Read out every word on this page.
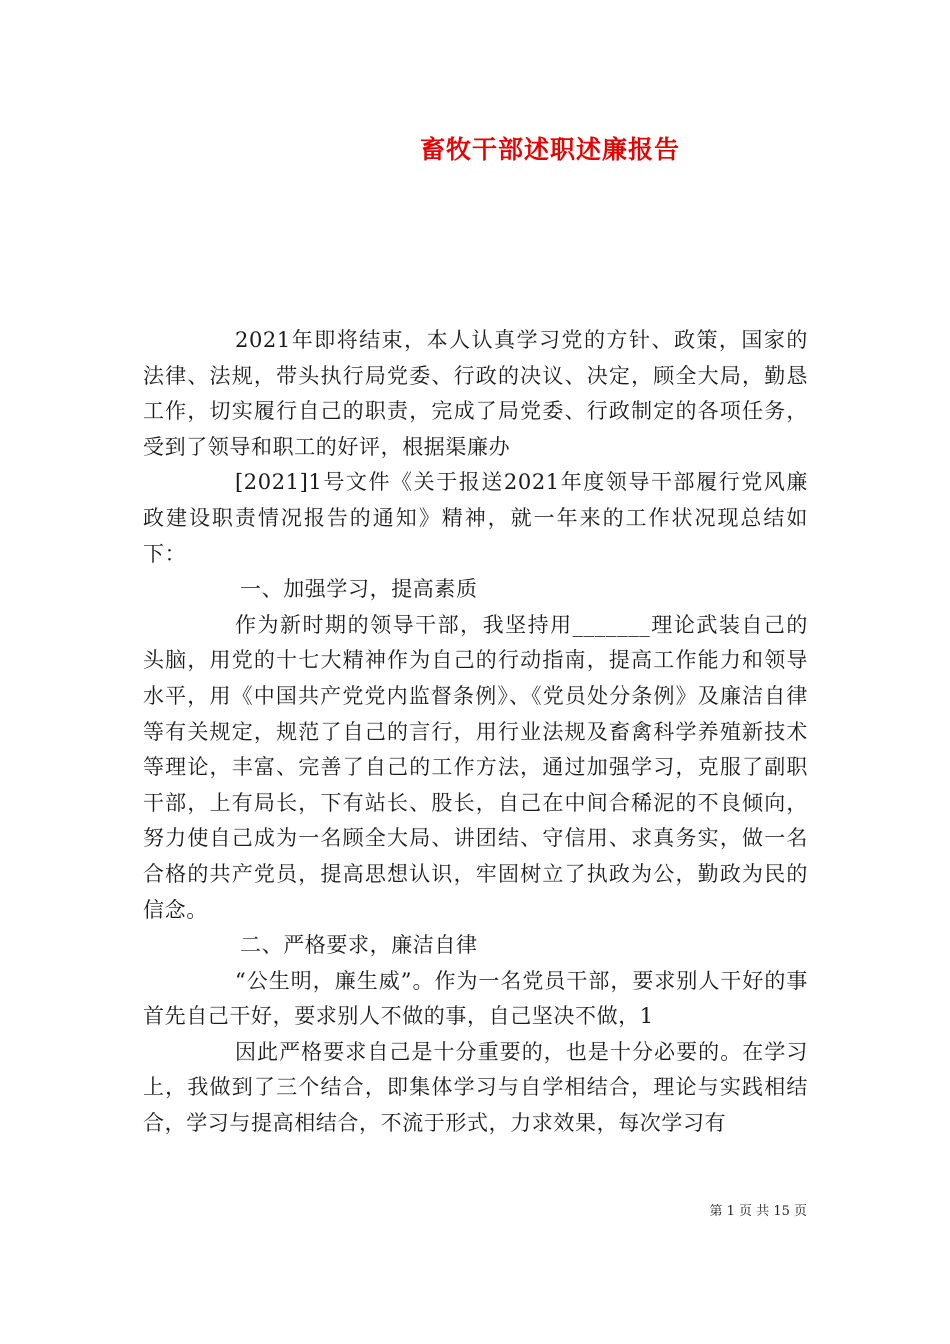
畜牧干部述职述廉报告

2021年即将结束，本人认真学习党的方针、政策，国家的法律、法规，带头执行局党委、行政的决议、决定，顾全大局，勤恳工作，切实履行自己的职责，完成了局党委、行政制定的各项任务，受到了领导和职工的好评，根据渠廉办

[2021]1号文件《关于报送2021年度领导干部履行党风廉政建设职责情况报告的通知》精神，就一年来的工作状况现总结如下：

一、加强学习，提高素质

作为新时期的领导干部，我坚持用_______理论武装自己的头脑，用党的十七大精神作为自己的行动指南，提高工作能力和领导水平，用《中国共产党党内监督条例》、《党员处分条例》及廉洁自律等有关规定，规范了自己的言行，用行业法规及畜禽科学养殖新技术等理论，丰富、完善了自己的工作方法，通过加强学习，克服了副职干部，上有局长，下有站长、股长，自己在中间合稀泥的不良倾向，努力使自己成为一名顾全大局、讲团结、守信用、求真务实，做一名合格的共产党员，提高思想认识，牢固树立了执政为公，勤政为民的信念。

二、严格要求，廉洁自律

“公生明，廉生威”。作为一名党员干部，要求别人干好的事首先自己干好，要求别人不做的事，自己坚决不做，1

因此严格要求自己是十分重要的，也是十分必要的。在学习上，我做到了三个结合，即集体学习与自学相结合，理论与实践相结合，学习与提高相结合，不流于形式，力求效果，每次学习有

第 1 页 共 15 页
